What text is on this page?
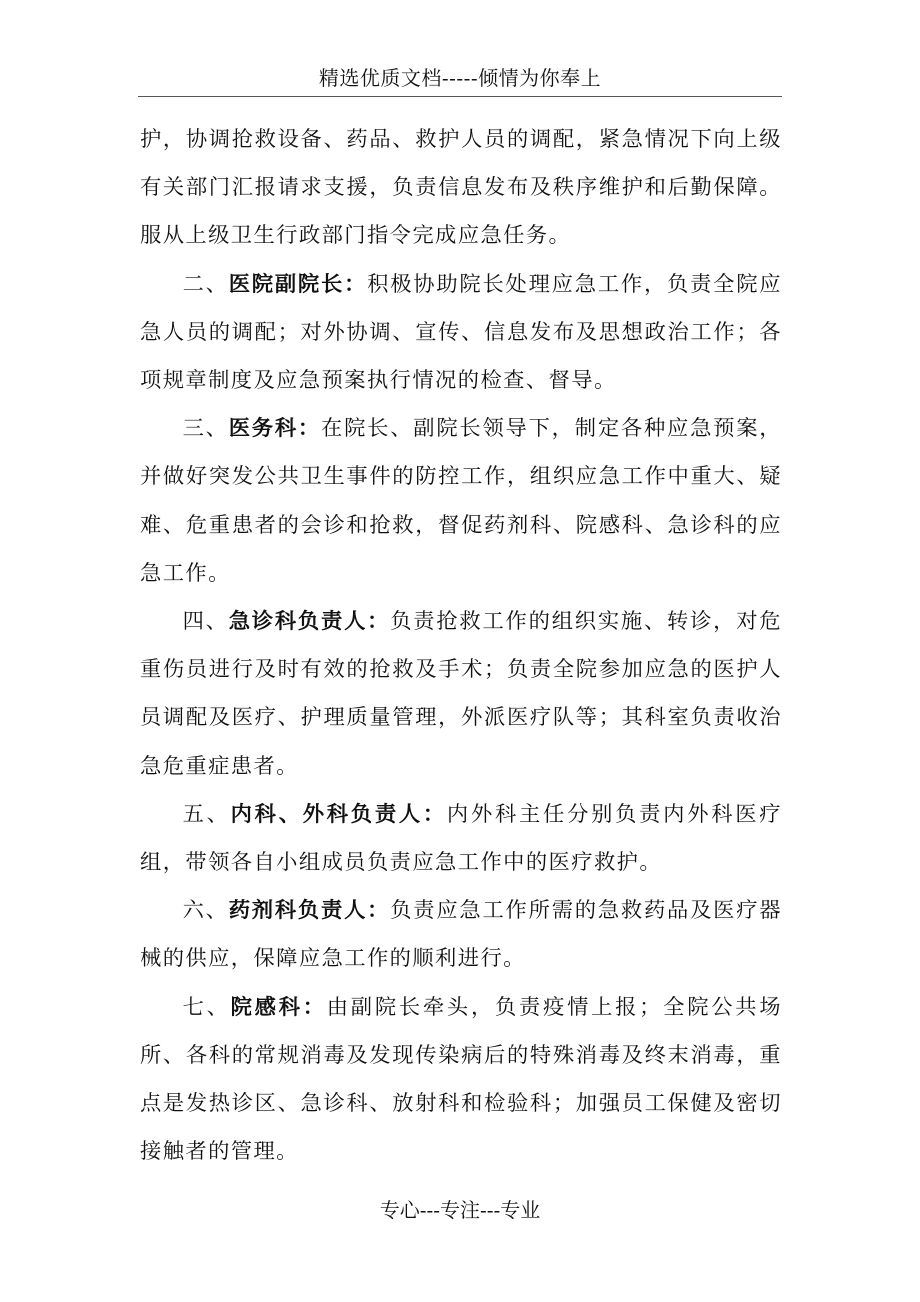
精选优质文档-----倾情为你奉上

护，协调抢救设备、药品、救护人员的调配，紧急情况下向上级有关部门汇报请求支援，负责信息发布及秩序维护和后勤保障。服从上级卫生行政部门指令完成应急任务。

二、医院副院长：积极协助院长处理应急工作，负责全院应急人员的调配；对外协调、宣传、信息发布及思想政治工作；各项规章制度及应急预案执行情况的检查、督导。

三、医务科：在院长、副院长领导下，制定各种应急预案，并做好突发公共卫生事件的防控工作，组织应急工作中重大、疑难、危重患者的会诊和抢救，督促药剂科、院感科、急诊科的应急工作。

四、急诊科负责人：负责抢救工作的组织实施、转诊，对危重伤员进行及时有效的抢救及手术；负责全院参加应急的医护人员调配及医疗、护理质量管理，外派医疗队等；其科室负责收治急危重症患者。

五、内科、外科负责人：内外科主任分别负责内外科医疗组，带领各自小组成员负责应急工作中的医疗救护。

六、药剂科负责人：负责应急工作所需的急救药品及医疗器械的供应，保障应急工作的顺利进行。

七、院感科：由副院长牵头，负责疫情上报；全院公共场所、各科的常规消毒及发现传染病后的特殊消毒及终末消毒，重点是发热诊区、急诊科、放射科和检验科；加强员工保健及密切接触者的管理。

专心---专注---专业
